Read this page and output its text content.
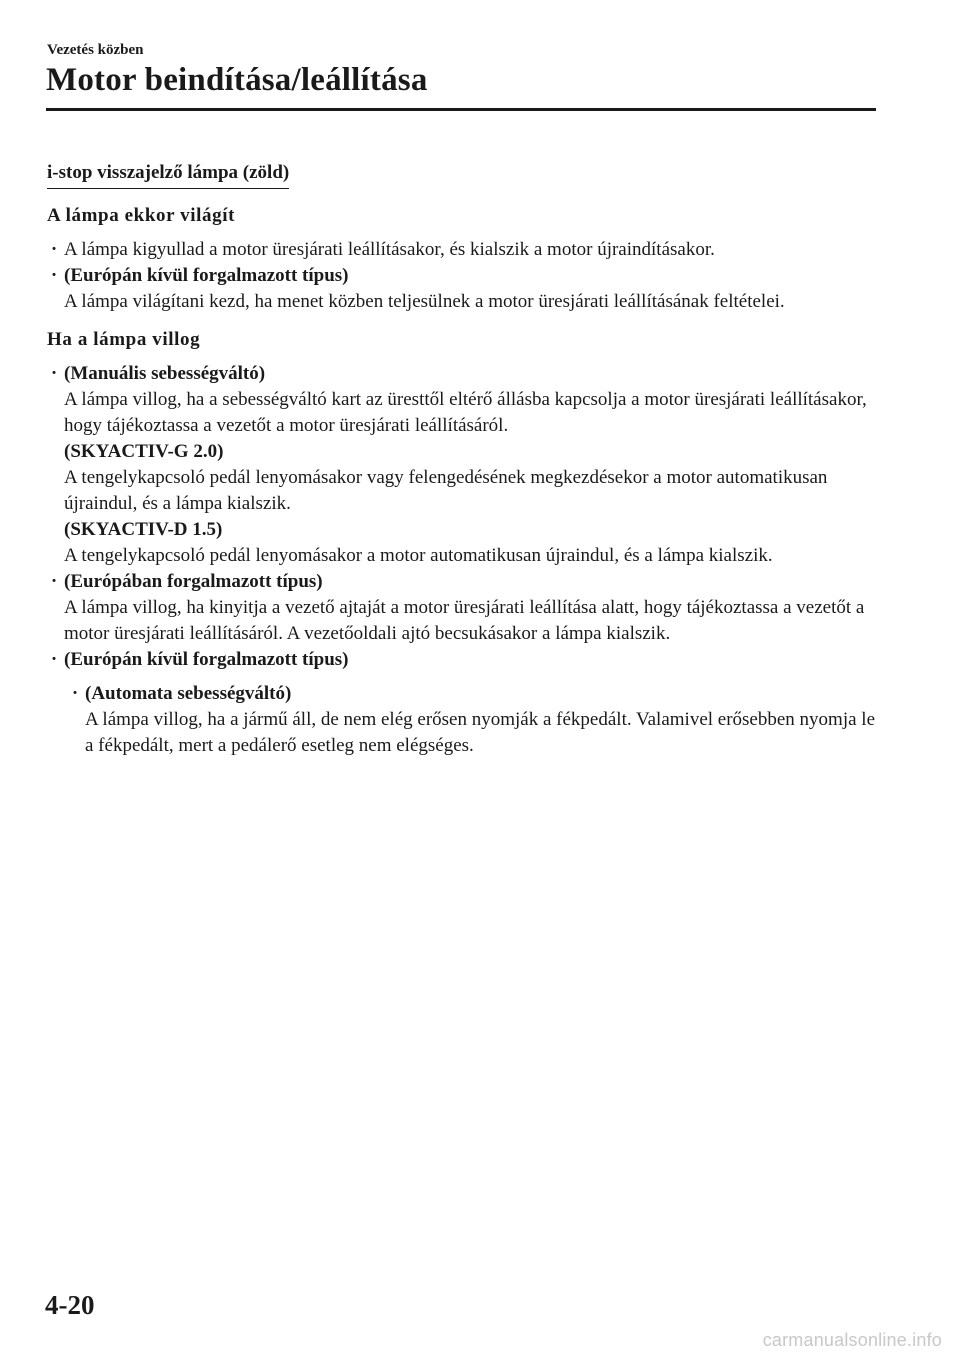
Vezetés közben
Motor beindítása/leállítása
i-stop visszajelző lámpa (zöld)
A lámpa ekkor világít
· A lámpa kigyullad a motor üresjárati leállításakor, és kialszik a motor újraindításakor.
· (Európán kívül forgalmazott típus)
A lámpa világítani kezd, ha menet közben teljesülnek a motor üresjárati leállításának feltételei.
Ha a lámpa villog
· (Manuális sebességváltó)
A lámpa villog, ha a sebességváltó kart az üresttől eltérő állásba kapcsolja a motor üresjárati leállításakor, hogy tájékoztassa a vezetőt a motor üresjárati leállításáról.
(SKYACTIV-G 2.0)
A tengelykapcsoló pedál lenyomásakor vagy felengedésének megkezdésekor a motor automatikusan újraindul, és a lámpa kialszik.
(SKYACTIV-D 1.5)
A tengelykapcsoló pedál lenyomásakor a motor automatikusan újraindul, és a lámpa kialszik.
· (Európában forgalmazott típus)
A lámpa villog, ha kinyitja a vezető ajtaját a motor üresjárati leállítása alatt, hogy tájékoztassa a vezetőt a motor üresjárati leállításáról. A vezetőoldali ajtó becsukásakor a lámpa kialszik.
· (Európán kívül forgalmazott típus)
· (Automata sebességváltó)
A lámpa villog, ha a jármű áll, de nem elég erősen nyomják a fékpedált. Valamivel erősebben nyomja le a fékpedált, mert a pedálerő esetleg nem elégséges.
4-20
carmanualsonline.info
